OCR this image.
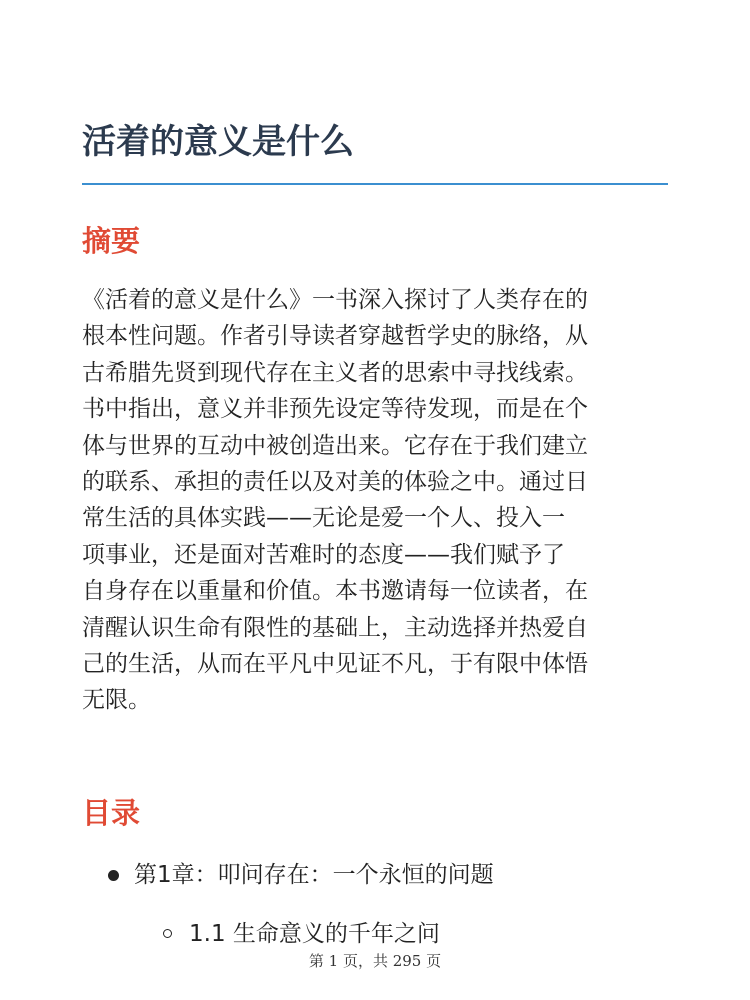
活着的意义是什么
摘要

《活着的意义是什么》一书深入探讨了人类存在的
根本性问题。作者引导读者穿越哲学史的脉络，从
古希腊先贤到现代存在主义者的思索中寻找线索。
书中指出，意义并非预先设定等待发现，而是在个
体与世界的互动中被创造出来。它存在于我们建立
的联系、承担的责任以及对美的体验之中。通过日
常生活的具体实践——无论是爱一个人、投入一
项事业，还是面对苦难时的态度——我们赋予了
自身存在以重量和价值。本书邀请每一位读者，在
清醒认识生命有限性的基础上，主动选择并热爱自
己的生活，从而在平凡中见证不凡，于有限中体悟
无限。

目录
第1章：叩问存在：一个永恒的问题
1.1 生命意义的千年之问
第 1 页，共 295 页
